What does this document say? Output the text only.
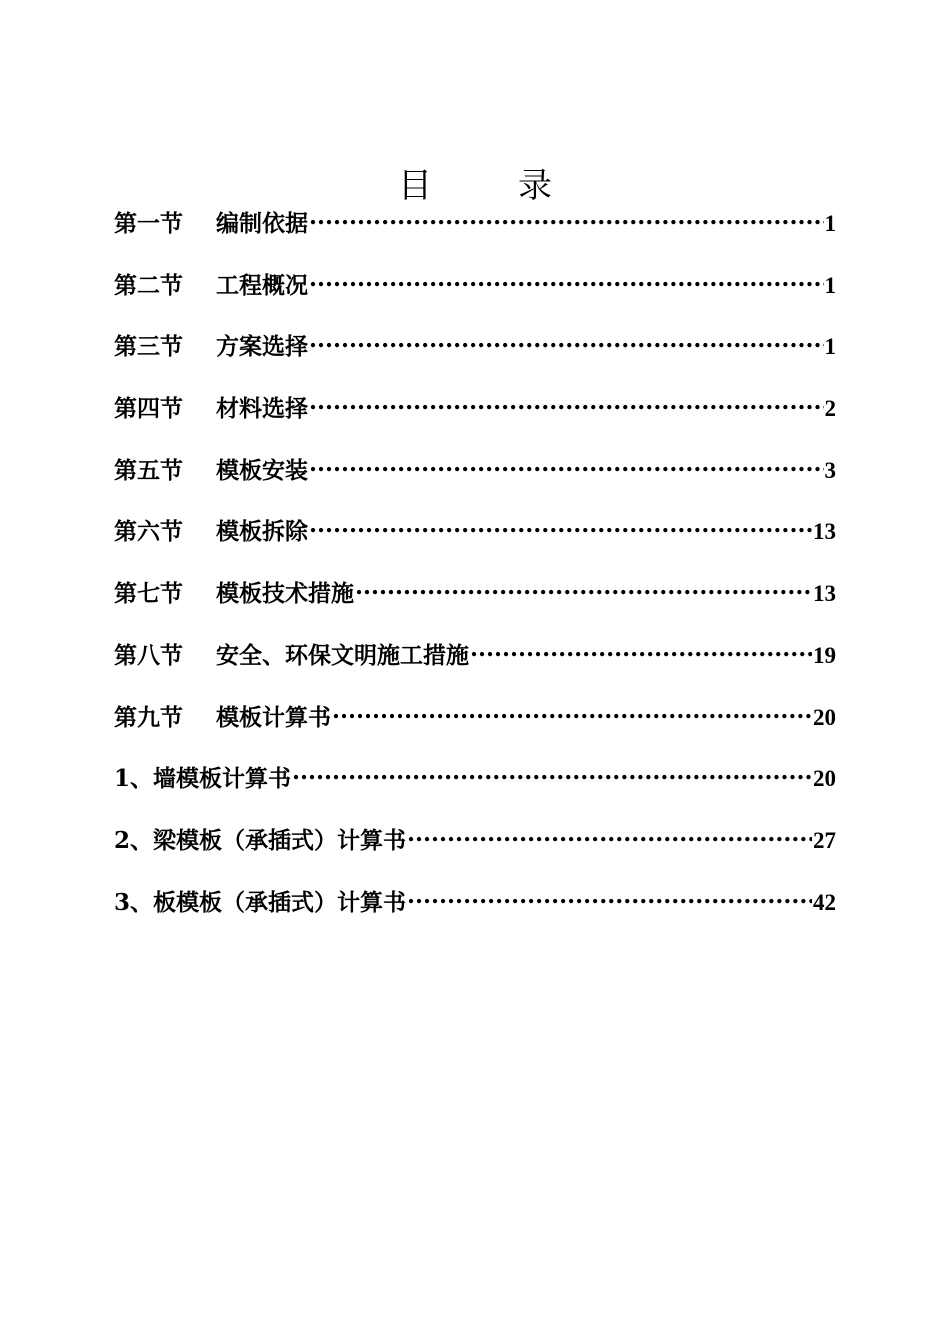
目	录
第一节	编制依据 .....	1
第二节	工程概况 .....	1
第三节	方案选择 .....	1
第四节	材料选择 .....	2
第五节	模板安装 .....	3
第六节	模板拆除 .....	13
第七节	模板技术措施 .....	13
第八节	安全、环保文明施工措施 .....	19
第九节	模板计算书 .....	20
1、 墙模板计算书 .....	20
2、 梁模板（承插式）计算书 .....	27
3、 板模板（承插式）计算书 .....	42
